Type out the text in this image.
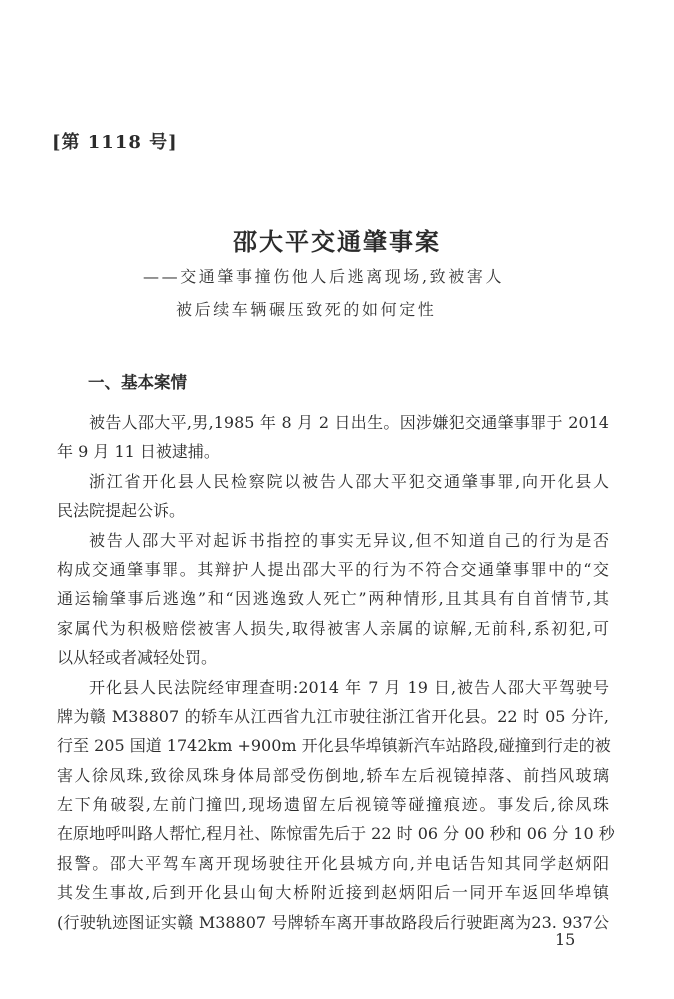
[第 1118 号]
邵大平交通肇事案
——交通肇事撞伤他人后逃离现场,致被害人
被后续车辆碾压致死的如何定性
一、基本案情
被告人邵大平,男,1985 年 8 月 2 日出生。因涉嫌犯交通肇事罪于 2014
年 9 月 11 日被逮捕。
浙江省开化县人民检察院以被告人邵大平犯交通肇事罪,向开化县人
民法院提起公诉。
被告人邵大平对起诉书指控的事实无异议,但不知道自己的行为是否
构成交通肇事罪。其辩护人提出邵大平的行为不符合交通肇事罪中的“交
通运输肇事后逃逸”和“因逃逸致人死亡”两种情形,且其具有自首情节,其
家属代为积极赔偿被害人损失,取得被害人亲属的谅解,无前科,系初犯,可
以从轻或者减轻处罚。
开化县人民法院经审理查明:2014 年 7 月 19 日,被告人邵大平驾驶号
牌为赣 M38807 的轿车从江西省九江市驶往浙江省开化县。22 时 05 分许,
行至 205 国道 1742km +900m 开化县华埠镇新汽车站路段,碰撞到行走的被
害人徐凤珠,致徐凤珠身体局部受伤倒地,轿车左后视镜掉落、前挡风玻璃
左下角破裂,左前门撞凹,现场遗留左后视镜等碰撞痕迹。事发后,徐凤珠
在原地呼叫路人帮忙,程月社、陈惊雷先后于 22 时 06 分 00 秒和 06 分 10 秒
报警。邵大平驾车离开现场驶往开化县城方向,并电话告知其同学赵炳阳
其发生事故,后到开化县山甸大桥附近接到赵炳阳后一同开车返回华埠镇
(行驶轨迹图证实赣 M38807 号牌轿车离开事故路段后行驶距离为23. 937公
15
